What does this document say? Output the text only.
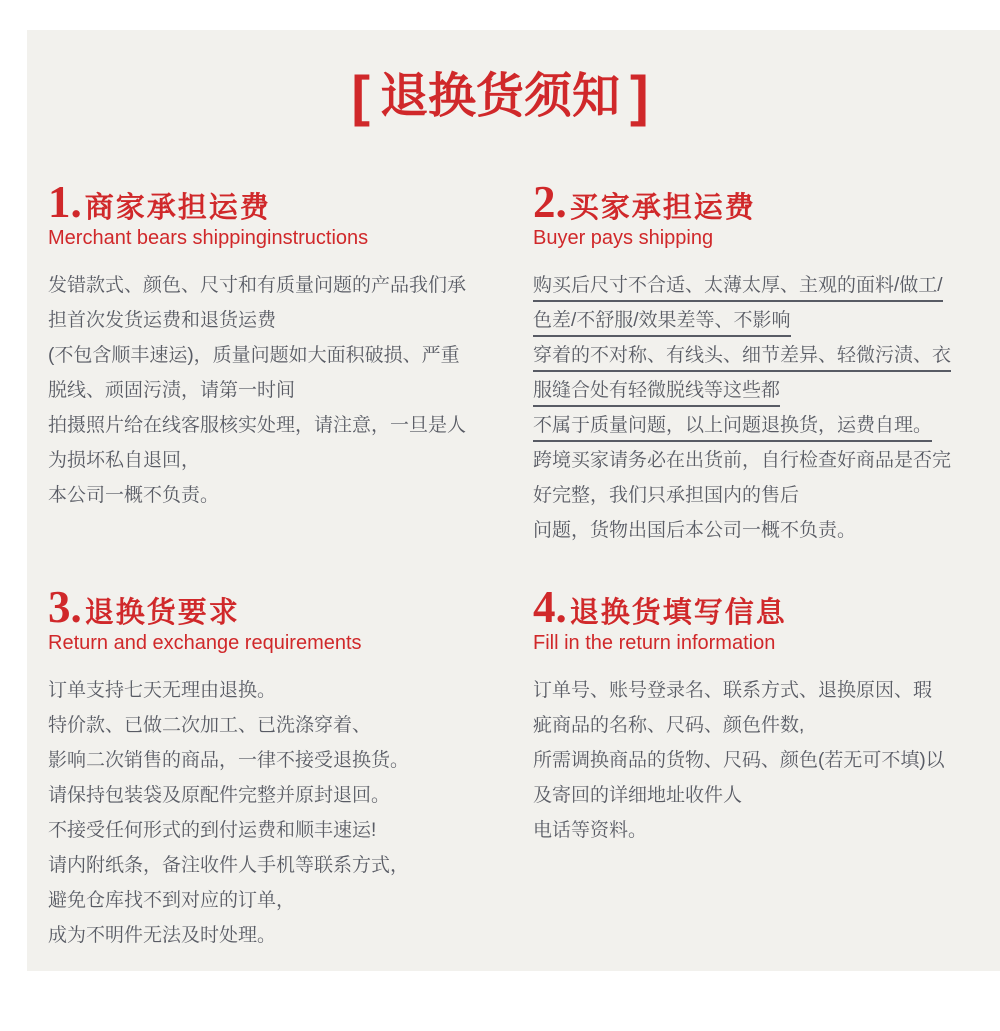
[ 退换货须知 ]
1. 商家承担运费
Merchant bears shippinginstructions
发错款式、颜色、尺寸和有质量问题的产品我们承
担首次发货运费和退货运费
(不包含顺丰速运)，质量问题如大面积破损、严重
脱线、顽固污渍，请第一时间
拍摄照片给在线客服核实处理，请注意，一旦是人
为损坏私自退回，
本公司一概不负责。
2. 买家承担运费
Buyer pays shipping
购买后尺寸不合适、太薄太厚、主观的面料/做工/
色差/不舒服/效果差等、不影响
穿着的不对称、有线头、细节差异、轻微污渍、衣
服缝合处有轻微脱线等这些都
不属于质量问题，以上问题退换货，运费自理。
跨境买家请务必在出货前，自行检查好商品是否完
好完整，我们只承担国内的售后
问题，货物出国后本公司一概不负责。
3. 退换货要求
Return and exchange requirements
订单支持七天无理由退换。
特价款、已做二次加工、已洗涤穿着、
影响二次销售的商品，一律不接受退换货。
请保持包装袋及原配件完整并原封退回。
不接受任何形式的到付运费和顺丰速运!
请内附纸条，备注收件人手机等联系方式，
避免仓库找不到对应的订单，
成为不明件无法及时处理。
4. 退换货填写信息
Fill in the return information
订单号、账号登录名、联系方式、退换原因、瑕
疵商品的名称、尺码、颜色件数,
所需调换商品的货物、尺码、颜色(若无可不填)以
及寄回的详细地址收件人
电话等资料。
